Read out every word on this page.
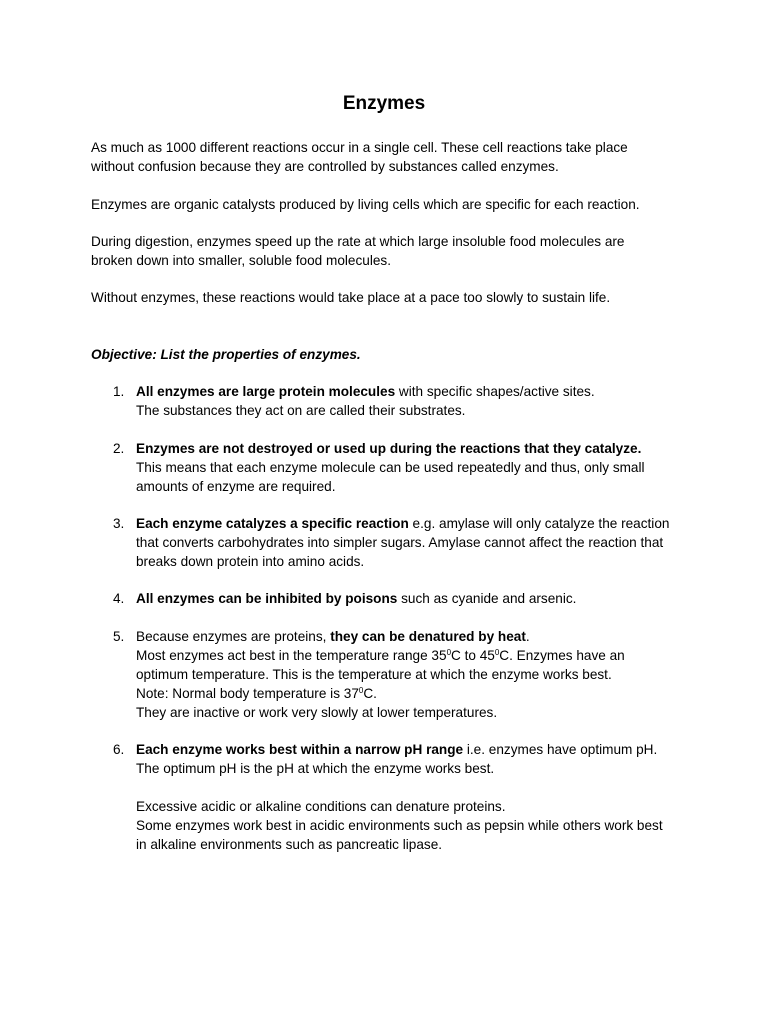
Enzymes

As much as 1000 different reactions occur in a single cell. These cell reactions take place
without confusion because they are controlled by substances called enzymes.

Enzymes are organic catalysts produced by living cells which are specific for each reaction.

During digestion, enzymes speed up the rate at which large insoluble food molecules are
broken down into smaller, soluble food molecules.

Without enzymes, these reactions would take place at a pace too slowly to sustain life.

Objective: List the properties of enzymes.
1. All enzymes are large protein molecules with specific shapes/active sites.
The substances they act on are called their substrates.
2. Enzymes are not destroyed or used up during the reactions that they catalyze.
This means that each enzyme molecule can be used repeatedly and thus, only small
amounts of enzyme are required.
3. Each enzyme catalyzes a specific reaction e.g. amylase will only catalyze the reaction
that converts carbohydrates into simpler sugars. Amylase cannot affect the reaction that
breaks down protein into amino acids.
4. All enzymes can be inhibited by poisons such as cyanide and arsenic.
5. Because enzymes are proteins, they can be denatured by heat.
Most enzymes act best in the temperature range $35^0C$ to $45^0C$. Enzymes have an
optimum temperature. This is the temperature at which the enzyme works best.
Note: Normal body temperature is $37^0C$.
They are inactive or work very slowly at lower temperatures.
6. Each enzyme works best within a narrow pH range i.e. enzymes have optimum pH.
The optimum pH is the pH at which the enzyme works best.
Excessive acidic or alkaline conditions can denature proteins.
Some enzymes work best in acidic environments such as pepsin while others work best
in alkaline environments such as pancreatic lipase.
